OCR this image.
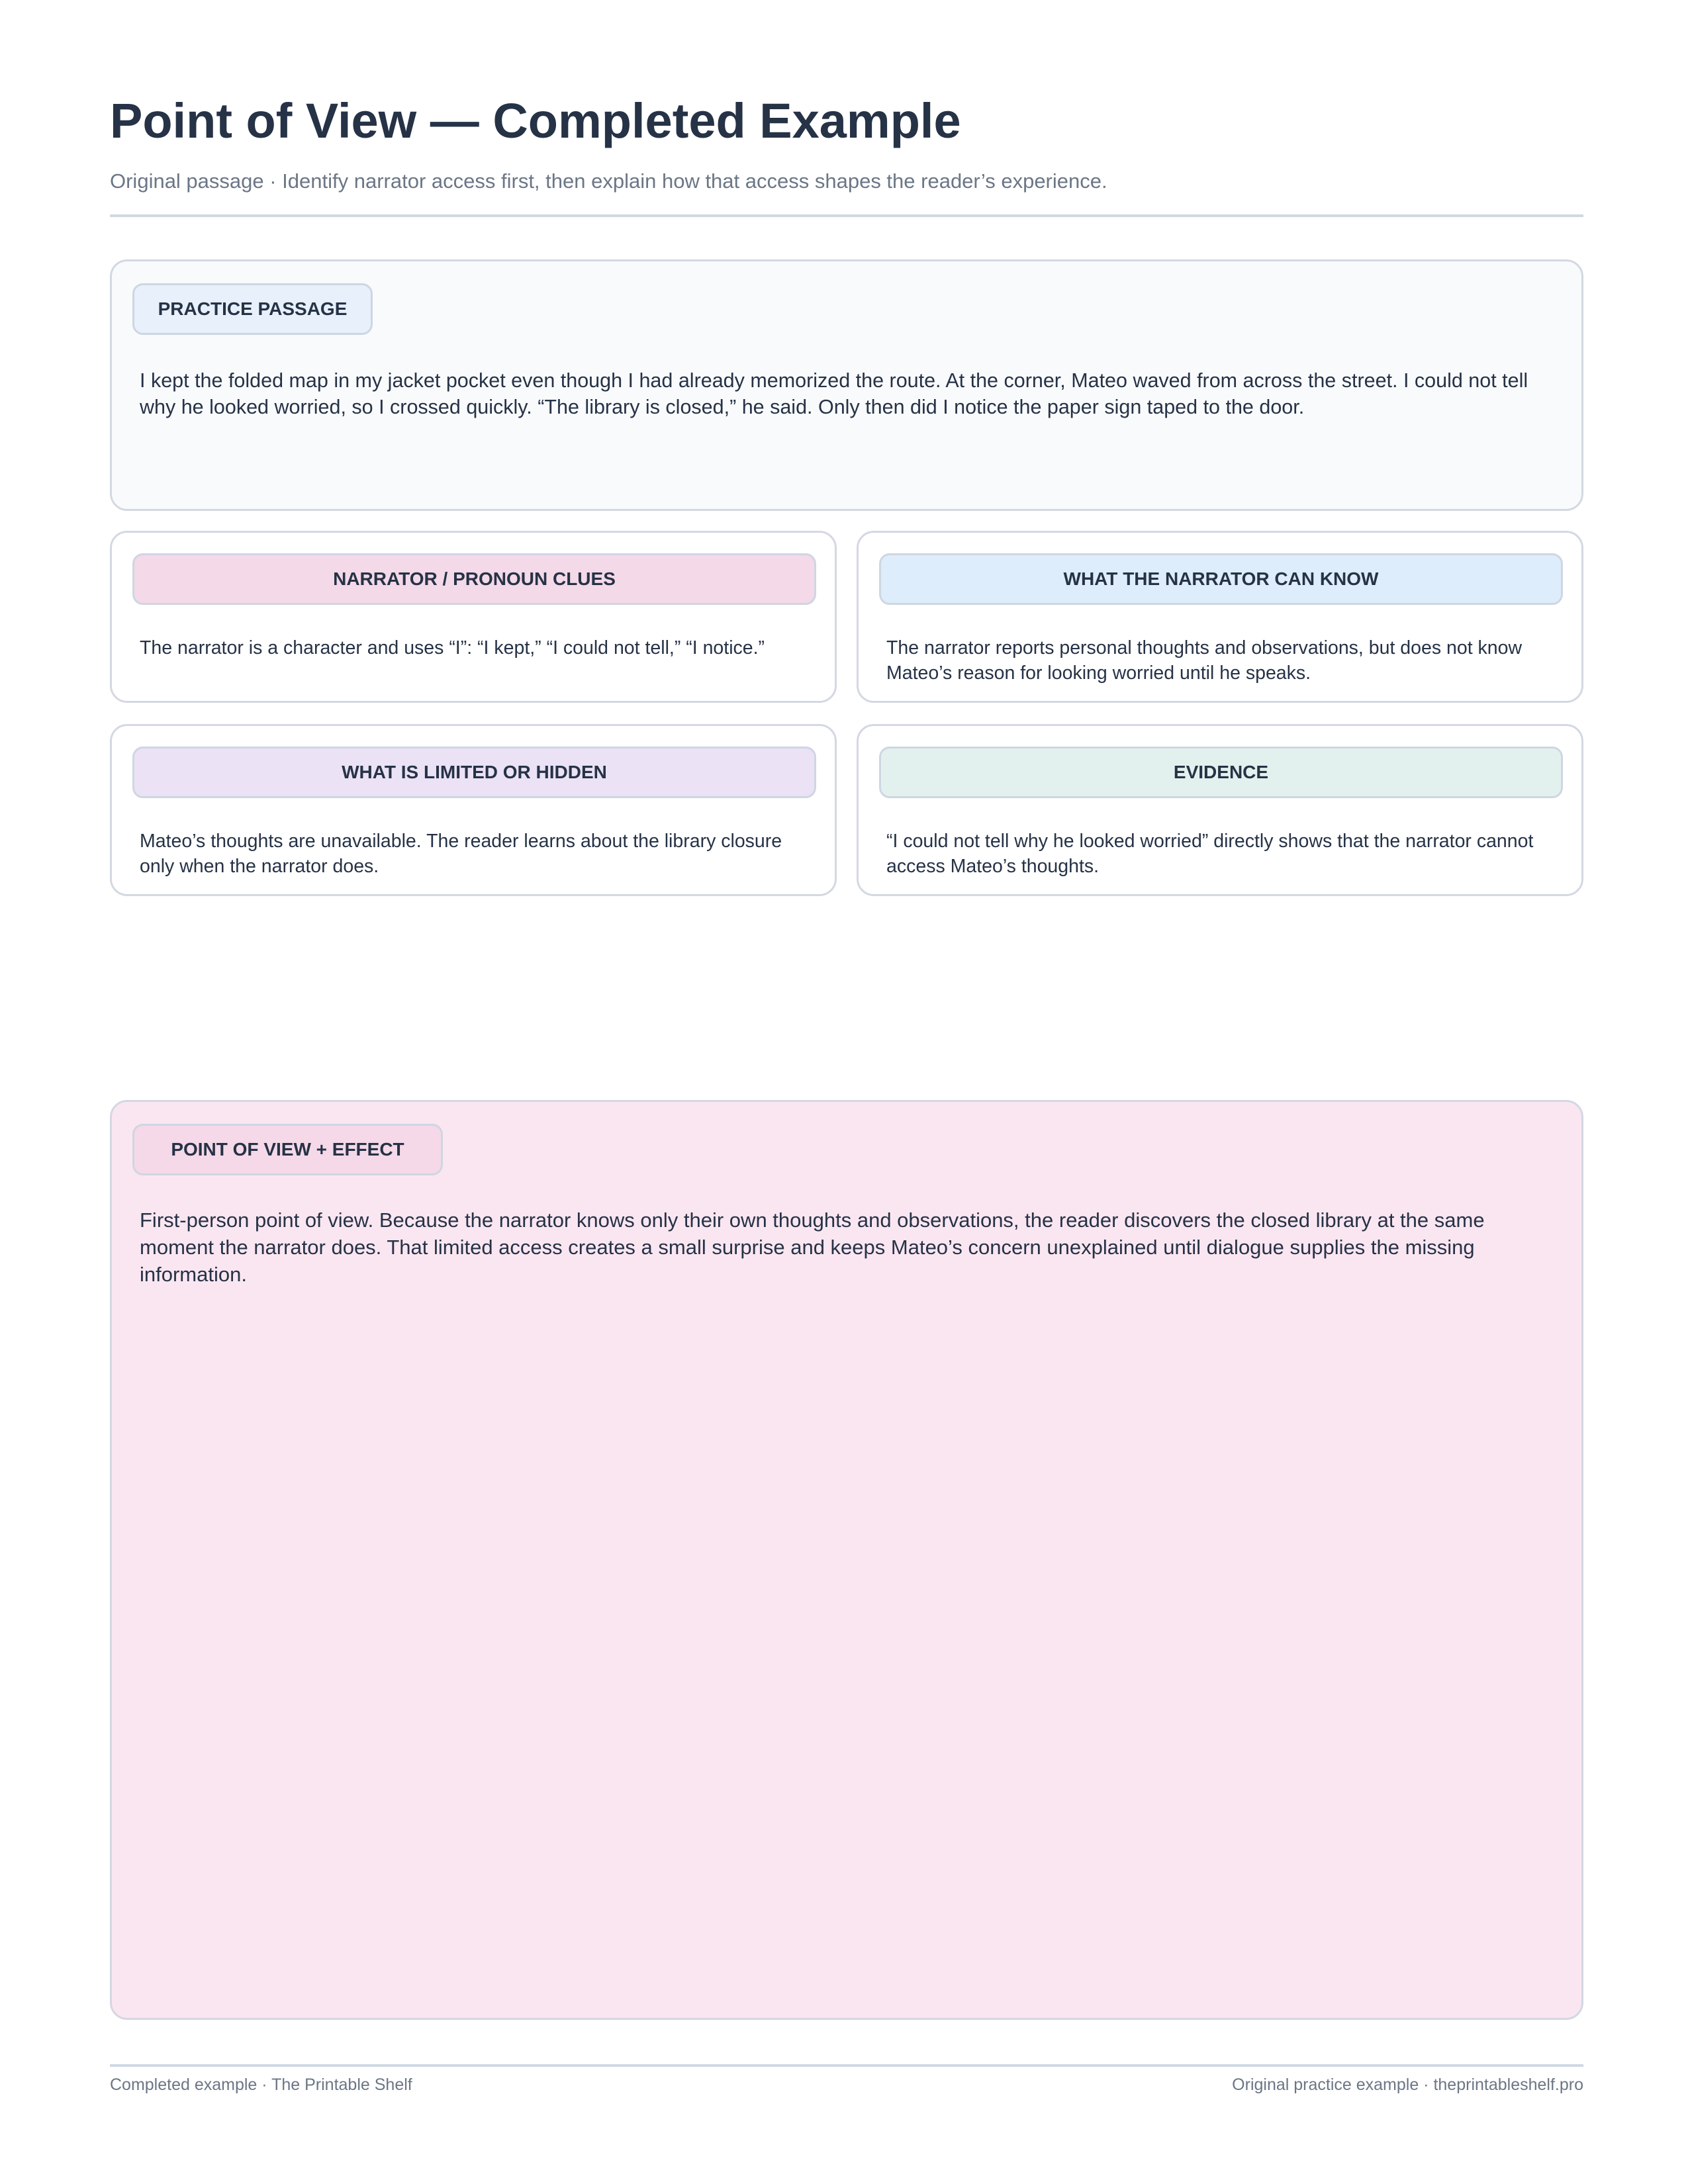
Point of View — Completed Example

Original passage · Identify narrator access first, then explain how that access shapes the reader’s experience.

PRACTICE PASSAGE

I kept the folded map in my jacket pocket even though I had already memorized the route. At the corner, Mateo waved from across the street. I could not tell why he looked worried, so I crossed quickly. “The library is closed,” he said. Only then did I notice the paper sign taped to the door.

NARRATOR / PRONOUN CLUES

The narrator is a character and uses “I”: “I kept,” “I could not tell,” “I notice.”

WHAT THE NARRATOR CAN KNOW

The narrator reports personal thoughts and observations, but does not know Mateo’s reason for looking worried until he speaks.

WHAT IS LIMITED OR HIDDEN

Mateo’s thoughts are unavailable. The reader learns about the library closure only when the narrator does.

EVIDENCE

“I could not tell why he looked worried” directly shows that the narrator cannot access Mateo’s thoughts.

POINT OF VIEW + EFFECT

First-person point of view. Because the narrator knows only their own thoughts and observations, the reader discovers the closed library at the same moment the narrator does. That limited access creates a small surprise and keeps Mateo’s concern unexplained until dialogue supplies the missing information.

Completed example · The Printable Shelf	Original practice example · theprintableshelf.pro
